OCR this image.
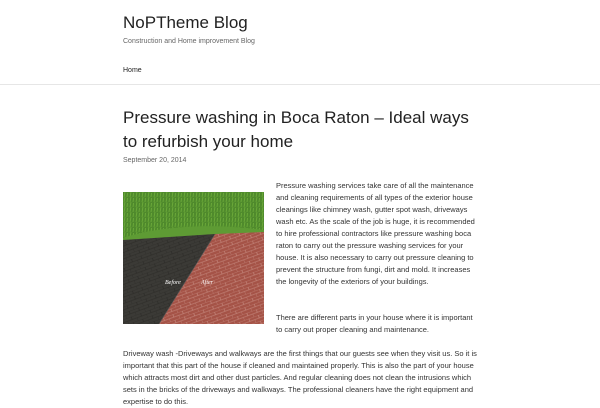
NoPTheme Blog
Construction and Home improvement Blog
Home
Pressure washing in Boca Raton – Ideal ways to refurbish your home
September 20, 2014
Before	After

Pressure washing services take care of all the maintenance and cleaning requirements of all types of the exterior house cleanings like chimney wash, gutter spot wash, driveways wash etc. As the scale of the job is huge, it is recommended to hire professional contractors like pressure washing boca raton to carry out the pressure washing services for your house. It is also necessary to carry out pressure cleaning to prevent the structure from fungi, dirt and mold. It increases the longevity of the exteriors of your buildings.

There are different parts in your house where it is important to carry out proper cleaning and maintenance.

Driveway wash -Driveways and walkways are the first things that our guests see when they visit us. So it is important that this part of the house if cleaned and maintained properly. This is also the part of your house which attracts most dirt and other dust particles. And regular cleaning does not clean the intrusions which sets in the bricks of the driveways and walkways. The professional cleaners have the right equipment and expertise to do this.
